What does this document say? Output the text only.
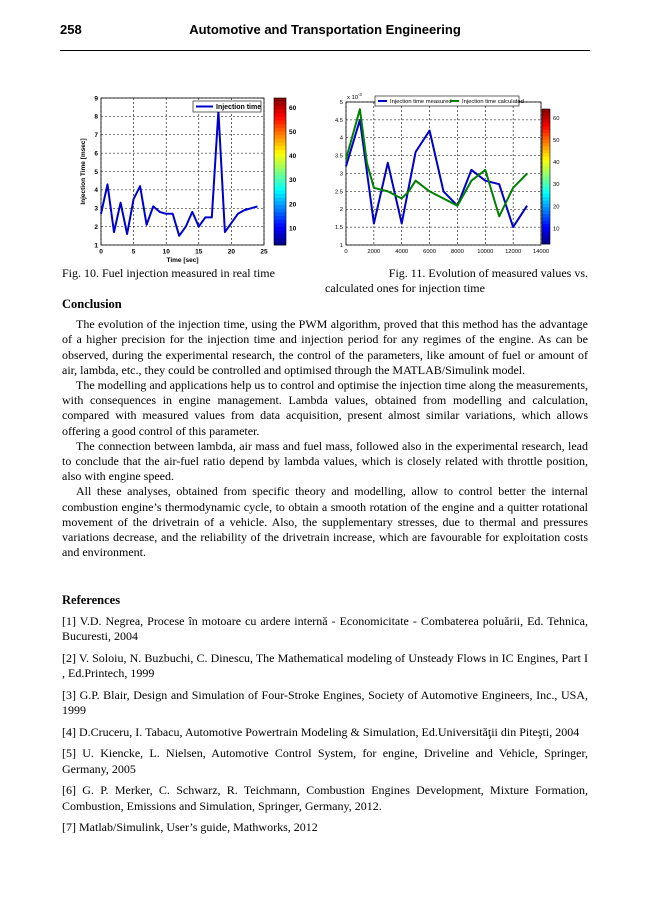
258	Automotive and Transportation Engineering
0	5	10	15	20	25
1
2
3
4
5
6
7
8
9
Time [sec]
Injection Time [msec]
10
20
30
40
50
60
Injection time
Fig. 10. Fuel injection measured in real time
0	2000	4000	6000	8000 10000 12000 14000
1
1.5
2
2.5
3
3.5
4
4.5
5
x $10^{-3}$
10
20
30
40
50
60
Injection time measured Injection time calculated
Fig. 11. Evolution of measured values vs.
calculated ones for injection time
Conclusion

The evolution of the injection time, using the PWM algorithm, proved that this method has the advantage of a higher precision for the injection time and injection period for any regimes of the engine. As can be observed, during the experimental research, the control of the parameters, like amount of fuel or amount of air, lambda, etc., they could be controlled and optimised through the MATLAB/Simulink model.

The modelling and applications help us to control and optimise the injection time along the measurements, with consequences in engine management. Lambda values, obtained from modelling and calculation, compared with measured values from data acquisition, present almost similar variations, which allows offering a good control of this parameter.

The connection between lambda, air mass and fuel mass, followed also in the experimental research, lead to conclude that the air-fuel ratio depend by lambda values, which is closely related with throttle position, also with engine speed.

All these analyses, obtained from specific theory and modelling, allow to control better the internal combustion engine’s thermodynamic cycle, to obtain a smooth rotation of the engine and a quitter rotational movement of the drivetrain of a vehicle. Also, the supplementary stresses, due to thermal and pressures variations decrease, and the reliability of the drivetrain increase, which are favourable for exploitation costs and environment.

References

[1] V.D. Negrea, Procese în motoare cu ardere internă - Economicitate - Combaterea poluării, Ed. Tehnica, Bucuresti, 2004

[2] V. Soloiu, N. Buzbuchi, C. Dinescu, The Mathematical modeling of Unsteady Flows in IC Engines, Part I , Ed.Printech, 1999

[3] G.P. Blair, Design and Simulation of Four-Stroke Engines, Society of Automotive Engineers, Inc., USA, 1999

[4] D.Cruceru, I. Tabacu, Automotive Powertrain Modeling & Simulation, Ed.Universităţii din Piteşti, 2004

[5] U. Kiencke, L. Nielsen, Automotive Control System, for engine, Driveline and Vehicle, Springer, Germany, 2005

[6] G. P. Merker, C. Schwarz, R. Teichmann, Combustion Engines Development, Mixture Formation, Combustion, Emissions and Simulation, Springer, Germany, 2012.

[7] Matlab/Simulink, User’s guide, Mathworks, 2012
